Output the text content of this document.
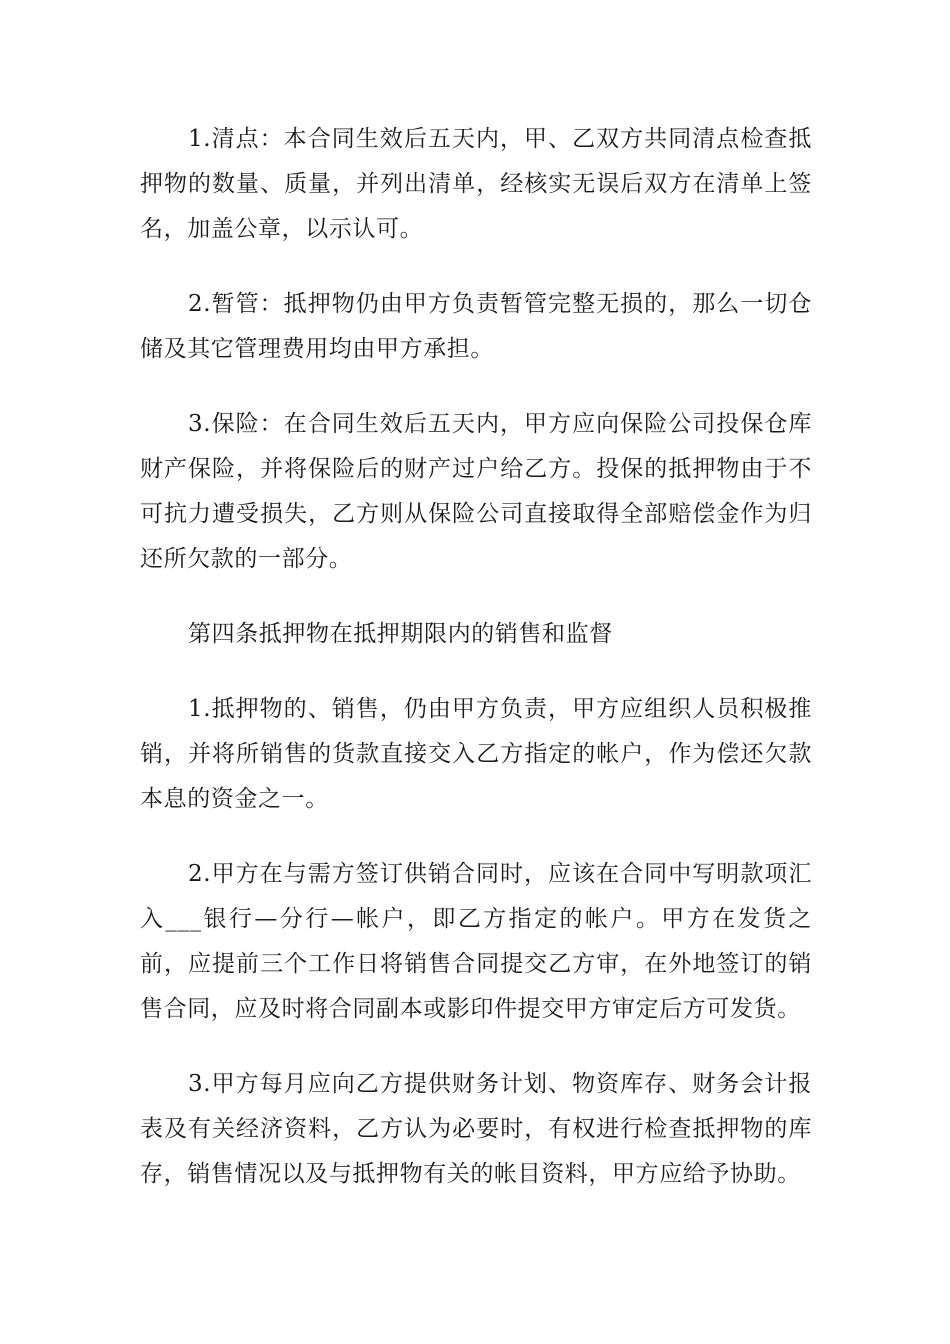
1.清点：本合同生效后五天内，甲、乙双方共同清点检查抵押物的数量、质量，并列出清单，经核实无误后双方在清单上签名，加盖公章，以示认可。

2.暂管：抵押物仍由甲方负责暂管完整无损的，那么一切仓储及其它管理费用均由甲方承担。

3.保险：在合同生效后五天内，甲方应向保险公司投保仓库财产保险，并将保险后的财产过户给乙方。投保的抵押物由于不可抗力遭受损失，乙方则从保险公司直接取得全部赔偿金作为归还所欠款的一部分。

第四条抵押物在抵押期限内的销售和监督

1.抵押物的、销售，仍由甲方负责，甲方应组织人员积极推销，并将所销售的货款直接交入乙方指定的帐户，作为偿还欠款本息的资金之一。

2.甲方在与需方签订供销合同时，应该在合同中写明款项汇入___银行—分行—帐户，即乙方指定的帐户。甲方在发货之前，应提前三个工作日将销售合同提交乙方审，在外地签订的销售合同，应及时将合同副本或影印件提交甲方审定后方可发货。

3.甲方每月应向乙方提供财务计划、物资库存、财务会计报表及有关经济资料，乙方认为必要时，有权进行检查抵押物的库存，销售情况以及与抵押物有关的帐目资料，甲方应给予协助。
